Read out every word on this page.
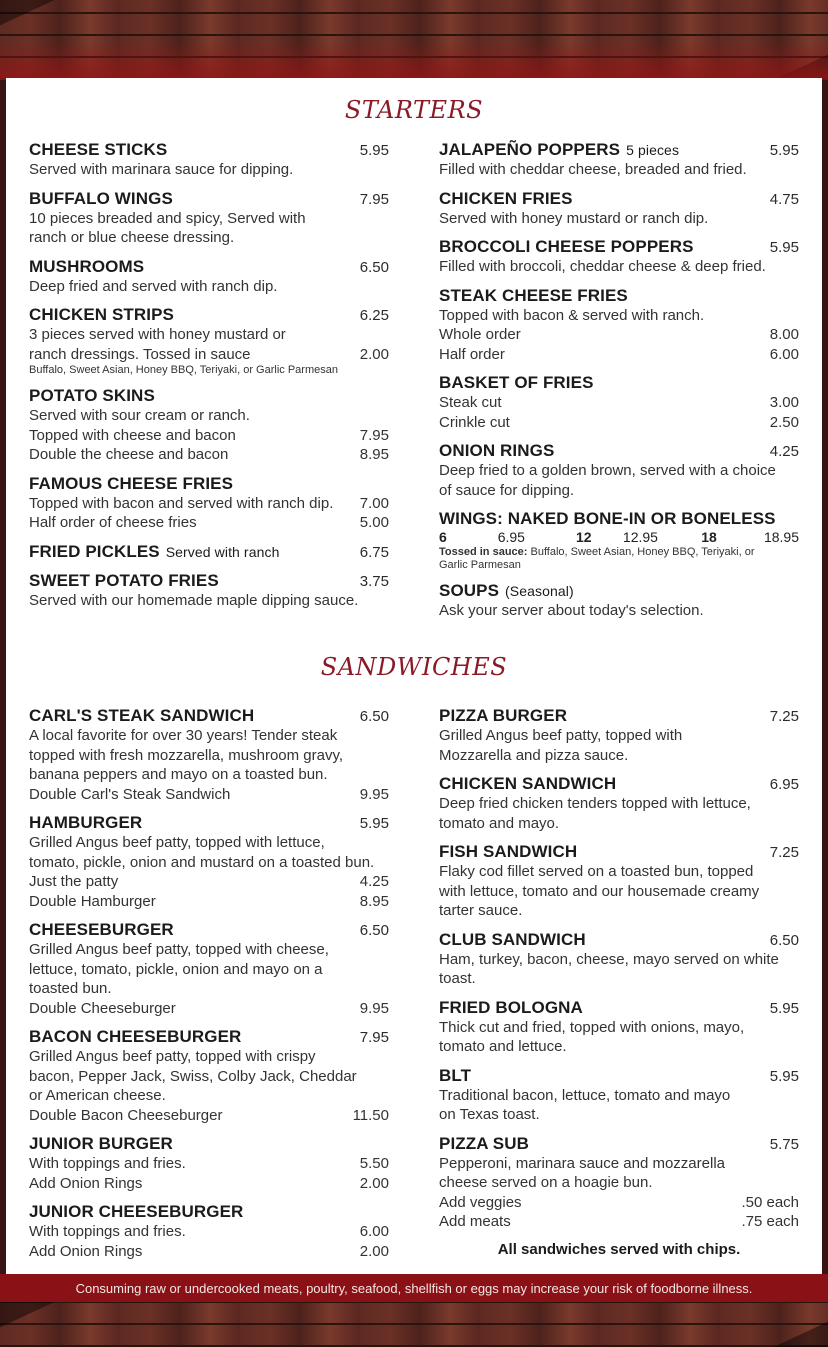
STARTERS
CHEESE STICKS	5.95
Served with marinara sauce for dipping.
BUFFALO WINGS	7.95
10 pieces breaded and spicy, Served with
ranch or blue cheese dressing.
MUSHROOMS	6.50
Deep fried and served with ranch dip.
CHICKEN STRIPS	6.25
3 pieces served with honey mustard or
ranch dressings. Tossed in sauce	2.00
Buffalo, Sweet Asian, Honey BBQ, Teriyaki, or Garlic Parmesan
POTATO SKINS
Served with sour cream or ranch.
Topped with cheese and bacon	7.95
Double the cheese and bacon	8.95
FAMOUS CHEESE FRIES
Topped with bacon and served with ranch dip. 7.00
Half order of cheese fries	5.00
FRIED PICKLES Served with ranch	6.75
SWEET POTATO FRIES	3.75
Served with our homemade maple dipping sauce.
JALAPEÑO POPPERS 5 pieces	5.95
Filled with cheddar cheese, breaded and fried.
CHICKEN FRIES	4.75
Served with honey mustard or ranch dip.
BROCCOLI CHEESE POPPERS	5.95
Filled with broccoli, cheddar cheese & deep fried.
STEAK CHEESE FRIES
Topped with bacon & served with ranch.
Whole order	8.00
Half order	6.00
BASKET OF FRIES
Steak cut	3.00
Crinkle cut	2.50
ONION RINGS	4.25
Deep fried to a golden brown, served with a choice
of sauce for dipping.
WINGS: NAKED BONE-IN OR BONELESS
6	6.95	12	12.95	18	18.95
Tossed in sauce: Buffalo, Sweet Asian, Honey BBQ, Teriyaki, or
Garlic Parmesan
SOUPS (Seasonal)
Ask your server about today's selection.
SANDWICHES
CARL'S STEAK SANDWICH	6.50
A local favorite for over 30 years! Tender steak
topped with fresh mozzarella, mushroom gravy,
banana peppers and mayo on a toasted bun.
Double Carl's Steak Sandwich	9.95
HAMBURGER	5.95
Grilled Angus beef patty, topped with lettuce,
tomato, pickle, onion and mustard on a toasted bun.
Just the patty	4.25
Double Hamburger	8.95
CHEESEBURGER	6.50
Grilled Angus beef patty, topped with cheese,
lettuce, tomato, pickle, onion and mayo on a
toasted bun.
Double Cheeseburger	9.95
BACON CHEESEBURGER	7.95
Grilled Angus beef patty, topped with crispy
bacon, Pepper Jack, Swiss, Colby Jack, Cheddar
or American cheese.
Double Bacon Cheeseburger	11.50
JUNIOR BURGER
With toppings and fries.	5.50
Add Onion Rings	2.00
JUNIOR CHEESEBURGER
With toppings and fries.	6.00
Add Onion Rings	2.00
PIZZA BURGER	7.25
Grilled Angus beef patty, topped with
Mozzarella and pizza sauce.
CHICKEN SANDWICH	6.95
Deep fried chicken tenders topped with lettuce,
tomato and mayo.
FISH SANDWICH	7.25
Flaky cod fillet served on a toasted bun, topped
with lettuce, tomato and our housemade creamy
tarter sauce.
CLUB SANDWICH	6.50
Ham, turkey, bacon, cheese, mayo served on white
toast.
FRIED BOLOGNA	5.95
Thick cut and fried, topped with onions, mayo,
tomato and lettuce.
BLT	5.95
Traditional bacon, lettuce, tomato and mayo
on Texas toast.
PIZZA SUB	5.75
Pepperoni, marinara sauce and mozzarella
cheese served on a hoagie bun.
Add veggies	.50 each
Add meats	.75 each
All sandwiches served with chips.
Consuming raw or undercooked meats, poultry, seafood, shellfish or eggs may increase your risk of foodborne illness.
